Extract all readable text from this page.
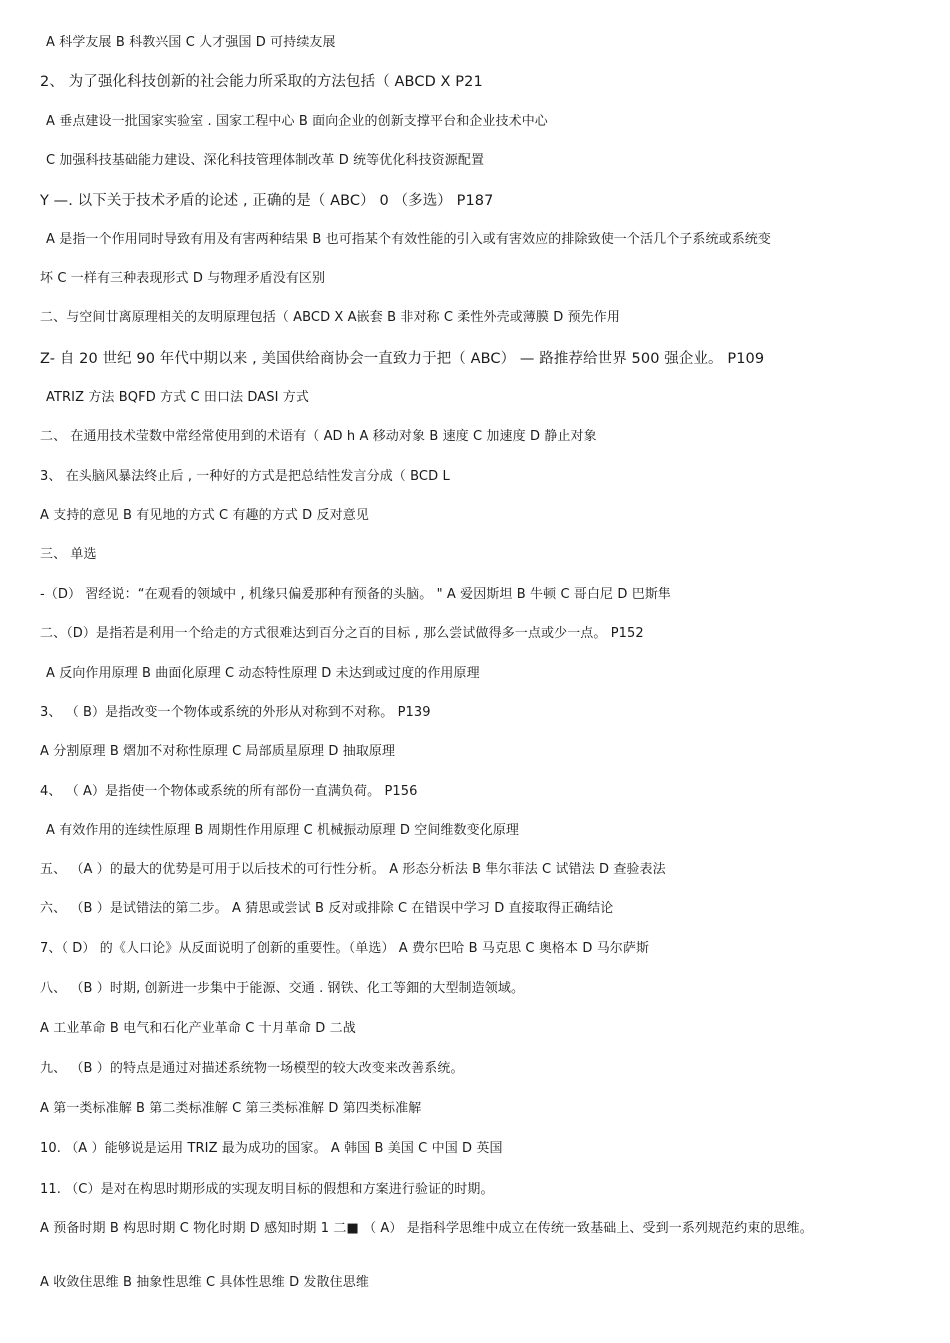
A 科学友展 B 科教兴国 C 人才强国 D 可持续友展
2、 为了强化科技创新的社会能力所采取的方法包括（ ABCD X P21
A 垂点建设一批国家实验室 . 国家工程中心 B 面向企业的创新支撑平台和企业技术中心
C 加强科技基础能力建设、深化科技管理体制改革 D 统等优化科技资源配置
Y —. 以下关于技术矛盾的论述 , 正确的是（ ABC） 0 （多选） P187
A 是指一个作用同时导致有用及有害两种结果 B 也可指某个有效性能的引入或有害效应的排除致使一个活几个子系统或系统变
坏 C 一样有三种表现形式 D 与物理矛盾没有区别
二、与空间廿离原理相关的友明原理包括（ ABCD X A嵌套 B 非对称 C 柔性外壳或薄膜 D 预先作用
Z- 自 20 世纪 90 年代中期以来 , 美国供给商协会一直致力于把（ ABC） — 路推荐给世界 500 强企业。 P109
ATRIZ 方法 BQFD 方式 C 田口法 DASI 方式
二、 在通用技术莹数中常经常使用到的术语有（ AD h A 移动对象 B 速度 C 加速度 D 静止对象
3、 在头脑风暴法终止后 , 一种好的方式是把总结性发言分成（ BCD L
A 支持的意见 B 有见地的方式 C 有趣的方式 D 反对意见
三、 单选
-（D） 習经说：“在观看的领域中 , 机缘只偏爰那种有预备的头脑。 " A 爱因斯坦 B 牛顿 C 哥白尼 D 巴斯隼
二、（D）是指若是利用一个给走的方式很难达到百分之百的目标 , 那么尝试做得多一点或少一点。 P152
A 反向作用原理 B 曲面化原理 C 动态特性原理 D 未达到或过度的作用原理
3、 （ B）是指改变一个物体或系统的外形从对称到不对称。 P139
A 分割原理 B 熠加不对称性原理 C 局部质星原理 D 抽取原理
4、 （ A）是指使一个物体或系统的所有部份一直满负荷。 P156
A 有效作用的连续性原理 B 周期性作用原理 C 机械振动原理 D 空间维数变化原理
五、 （A ）的最大的优势是可用于以后技术的可行性分析。 A 形态分析法 B 隼尔菲法 C 试错法 D 查验表法
六、 （B ）是试错法的第二步。 A 猜思或尝试 B 反对或排除 C 在错误中学习 D 直接取得正确结论
7、（ D） 的《人口论》从反面说明了创新的重要性。（单选） A 费尔巴哈 B 马克思 C 奥格本 D 马尔萨斯
八、 （B ）时期, 创新进一步集中于能源、交通 . 钢铁、化工等鈿的大型制造领域。
A 工业革命 B 电气和石化产业革命 C 十月革命 D 二战
九、 （B ）的特点是通过对描述系统物一场模型的较大改变来改善系统。
A 第一类标准解 B 第二类标准解 C 第三类标准解 D 第四类标准解
10. （A ）能够说是运用 TRIZ 最为成功的国家。 A 韩国 B 美国 C 中国 D 英国
11. （C）是对在构思时期形成的实现友明目标的假想和方案进行验证的时期。
A 预备时期 B 构思时期 C 物化时期 D 感知时期 1 二■ （ A） 是指科学思维中成立在传统一致基础上、受到一系列规范约束的思维。
A 收敛住思维 B 抽象性思维 C 具体性思维 D 发散住思维
